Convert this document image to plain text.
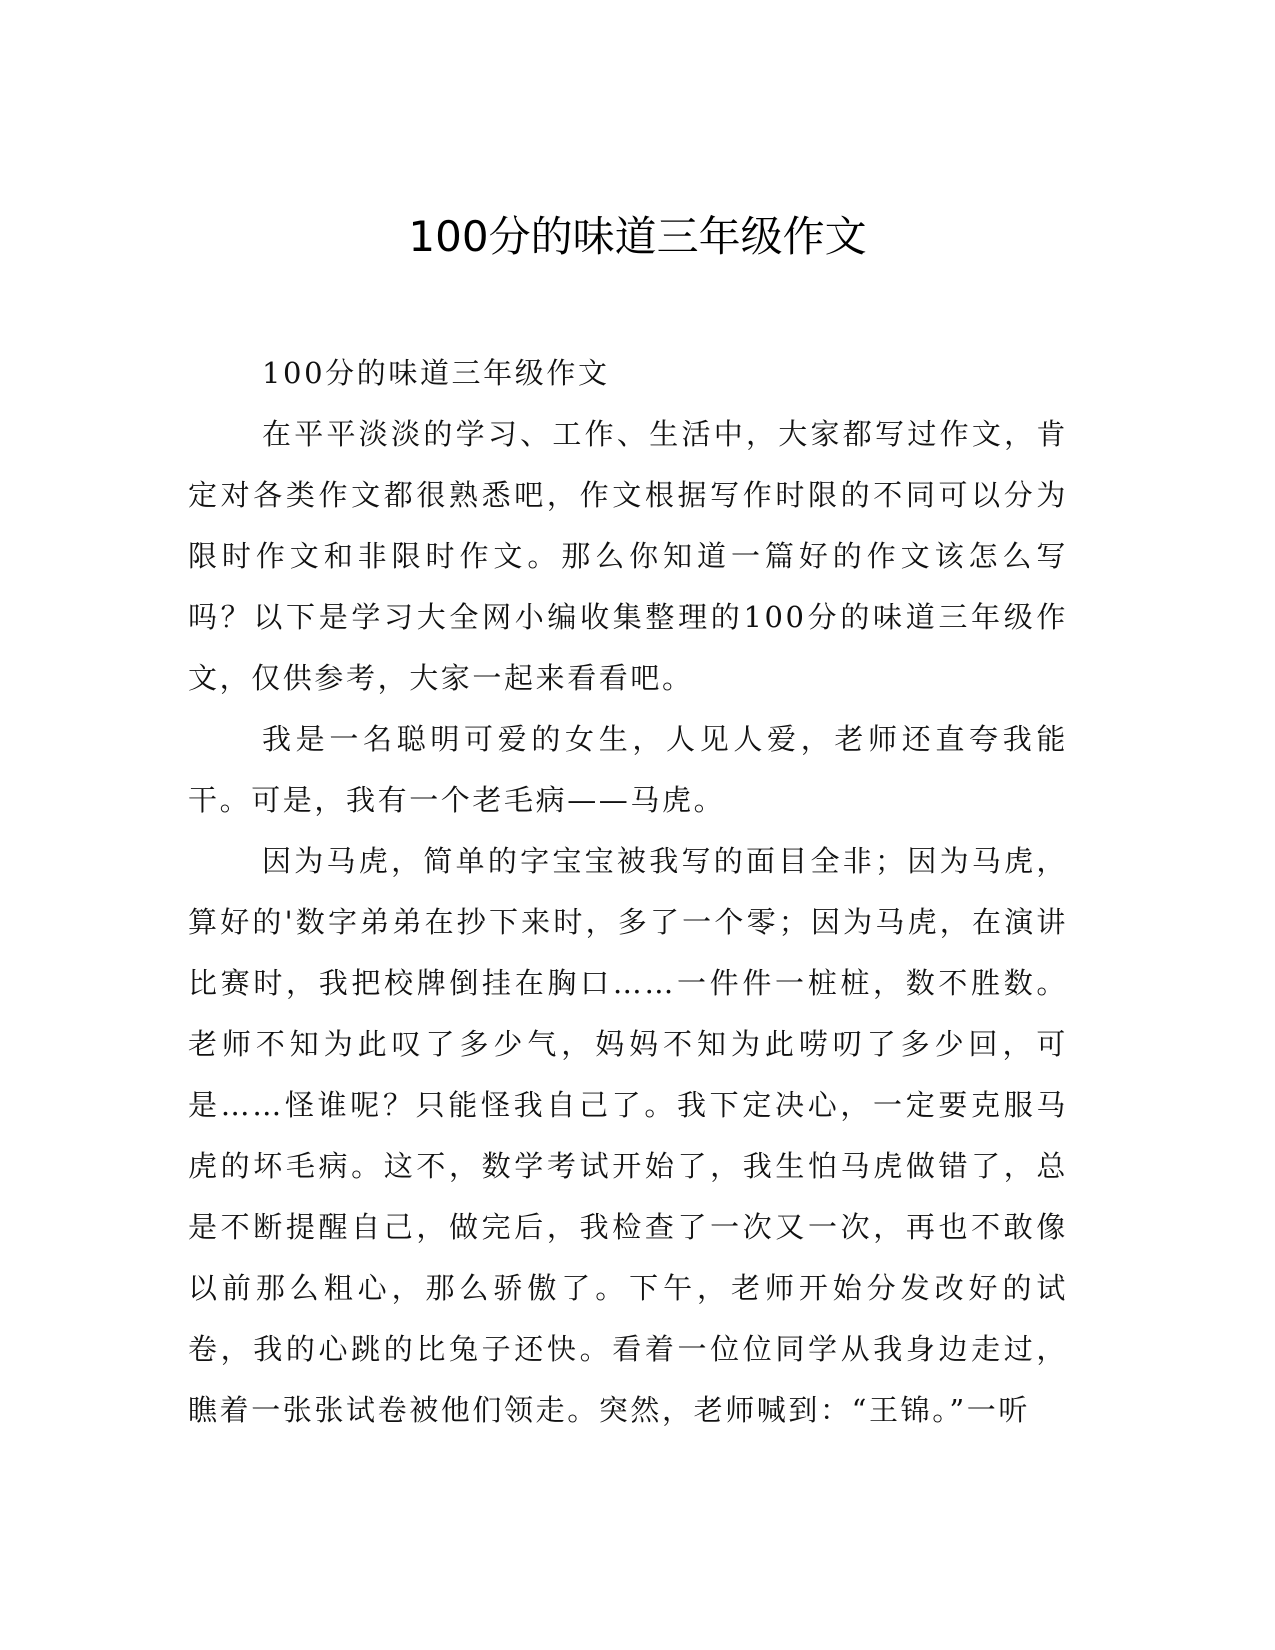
100分的味道三年级作文

100分的味道三年级作文

在平平淡淡的学习、工作、生活中，大家都写过作文，肯定对各类作文都很熟悉吧，作文根据写作时限的不同可以分为限时作文和非限时作文。那么你知道一篇好的作文该怎么写吗？以下是学习大全网小编收集整理的100分的味道三年级作文，仅供参考，大家一起来看看吧。

我是一名聪明可爱的女生，人见人爱，老师还直夸我能干。可是，我有一个老毛病——马虎。

因为马虎，简单的字宝宝被我写的面目全非；因为马虎，算好的'数字弟弟在抄下来时，多了一个零；因为马虎，在演讲比赛时，我把校牌倒挂在胸口……一件件一桩桩，数不胜数。老师不知为此叹了多少气，妈妈不知为此唠叨了多少回，可是……怪谁呢？只能怪我自己了。我下定决心，一定要克服马虎的坏毛病。这不，数学考试开始了，我生怕马虎做错了，总是不断提醒自己，做完后，我检查了一次又一次，再也不敢像以前那么粗心，那么骄傲了。下午，老师开始分发改好的试卷，我的心跳的比兔子还快。看着一位位同学从我身边走过，瞧着一张张试卷被他们领走。突然，老师喊到：“王锦。”一听
